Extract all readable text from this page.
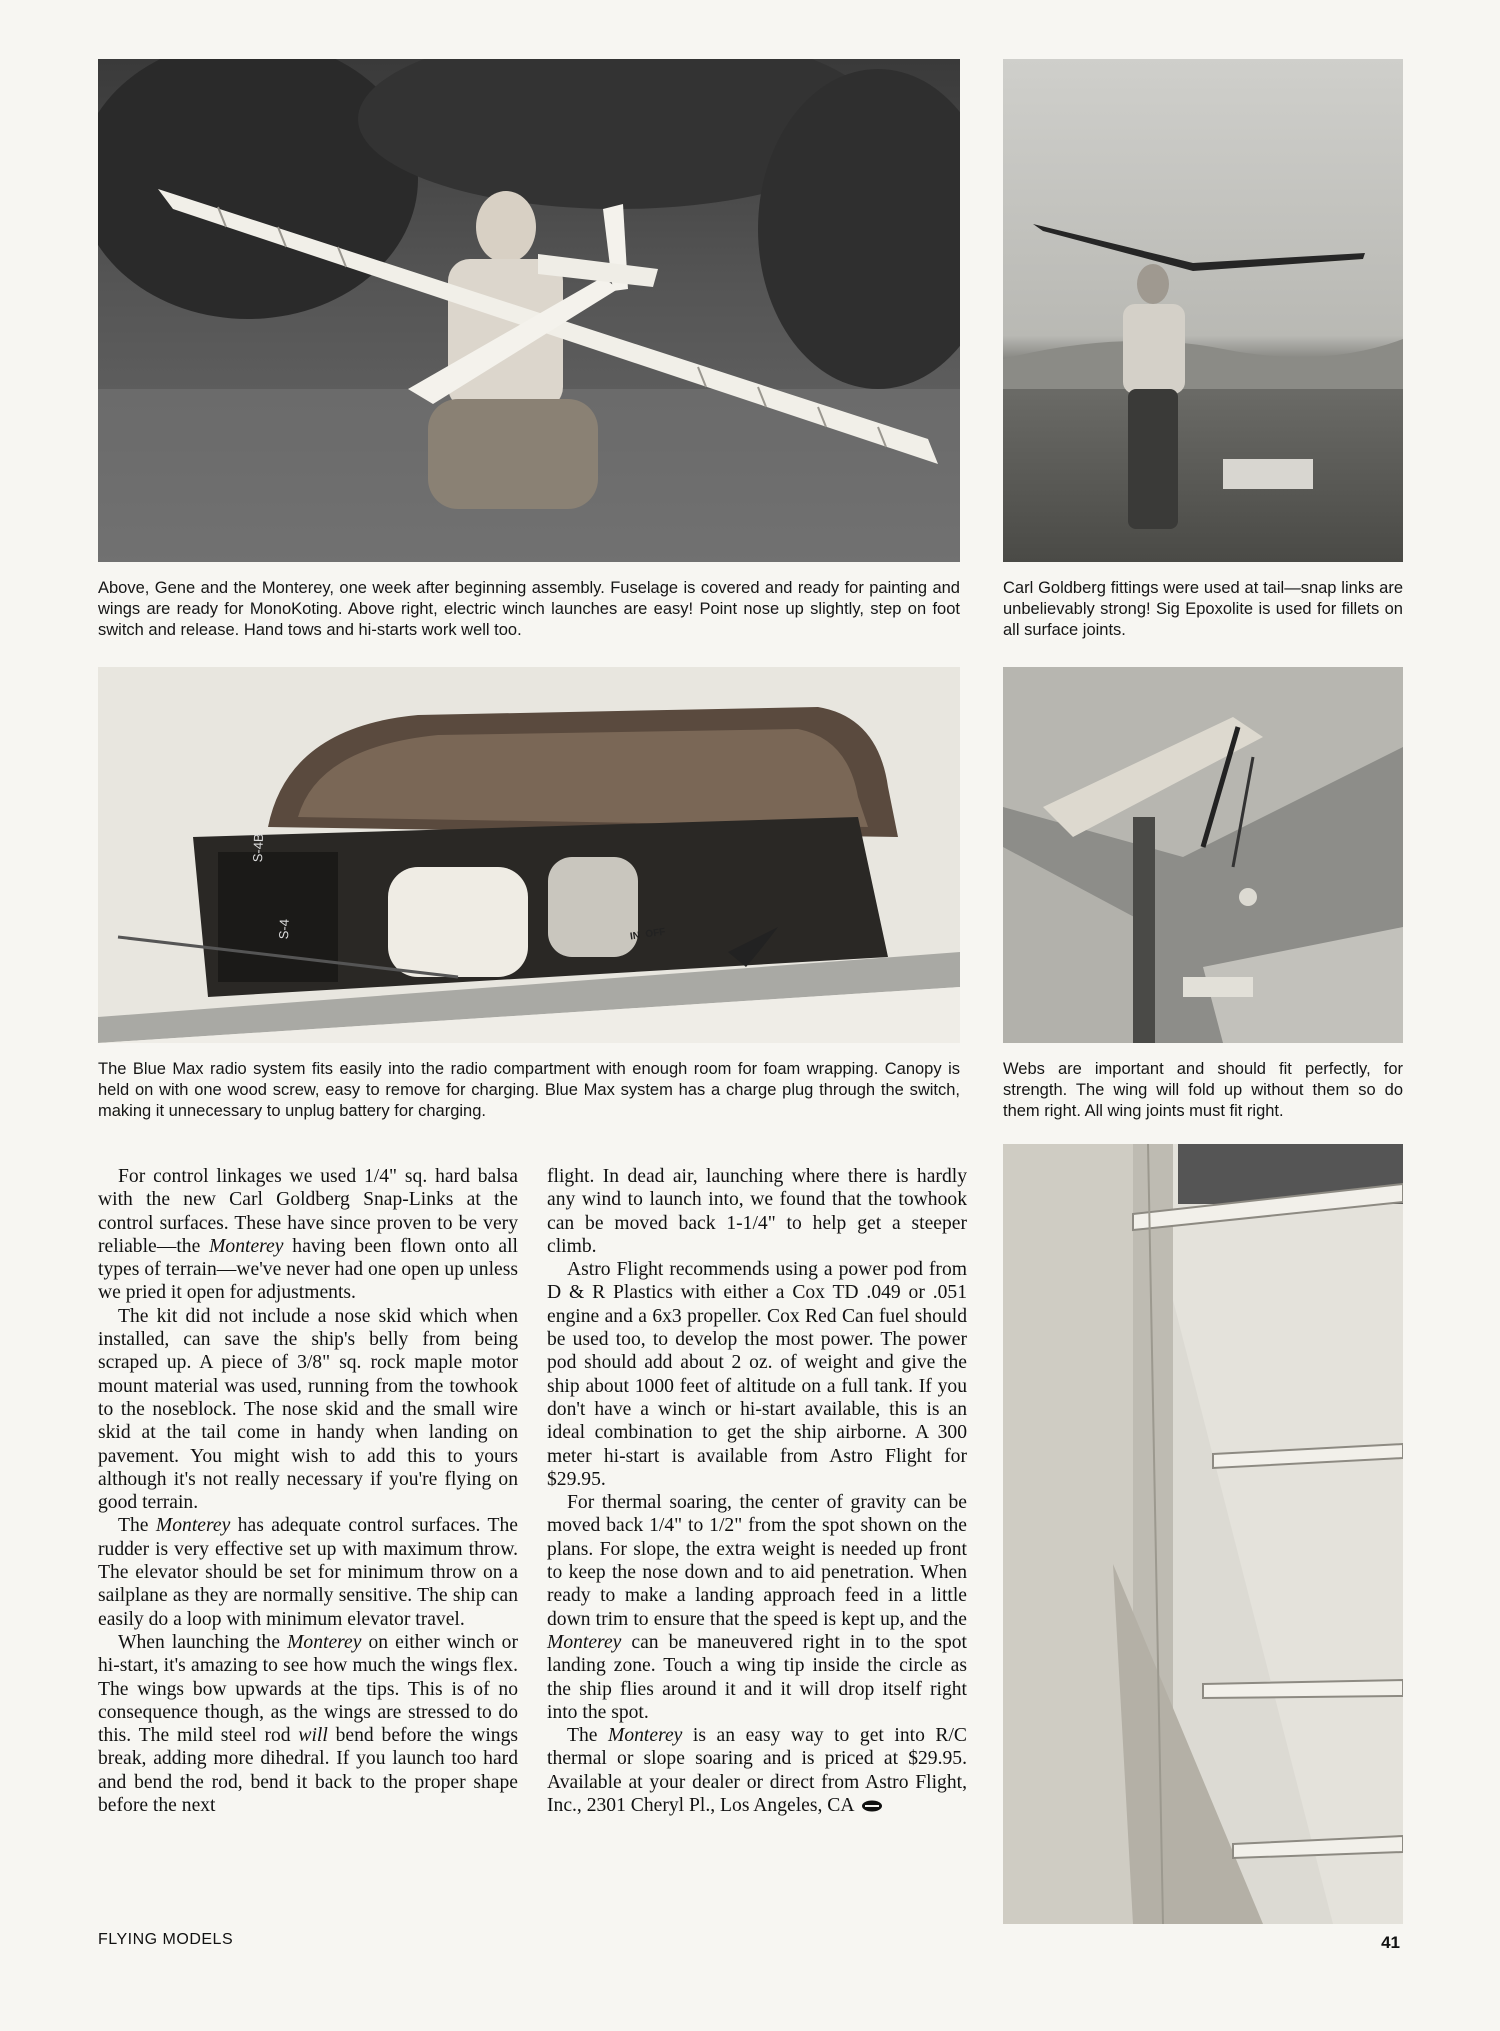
Above, Gene and the Monterey, one week after beginning assembly. Fuselage is covered and ready for painting and wings are ready for MonoKoting. Above right, electric winch launches are easy! Point nose up slightly, step on foot switch and release. Hand tows and hi-starts work well too.

Carl Goldberg fittings were used at tail—snap links are unbelievably strong! Sig Epoxolite is used for fillets on all surface joints.

S-4B
S-4	IN  OFF

The Blue Max radio system fits easily into the radio compartment with enough room for foam wrapping. Canopy is held on with one wood screw, easy to remove for charging. Blue Max system has a charge plug through the switch, making it unnecessary to unplug battery for charging.

Webs are important and should fit perfectly, for strength. The wing will fold up without them so do them right. All wing joints must fit right.

For control linkages we used 1/4" sq. hard balsa with the new Carl Goldberg Snap-Links at the control surfaces. These have since proven to be very reliable—the Monterey having been flown onto all types of terrain—we've never had one open up unless we pried it open for adjustments.

The kit did not include a nose skid which when installed, can save the ship's belly from being scraped up. A piece of 3/8" sq. rock maple motor mount material was used, running from the towhook to the noseblock. The nose skid and the small wire skid at the tail come in handy when landing on pavement. You might wish to add this to yours although it's not really necessary if you're flying on good terrain.

The Monterey has adequate control surfaces. The rudder is very effective set up with maximum throw. The elevator should be set for minimum throw on a sailplane as they are normally sensitive. The ship can easily do a loop with minimum elevator travel.

When launching the Monterey on either winch or hi-start, it's amazing to see how much the wings flex. The wings bow upwards at the tips. This is of no consequence though, as the wings are stressed to do this. The mild steel rod will bend before the wings break, adding more dihedral. If you launch too hard and bend the rod, bend it back to the proper shape before the next

flight. In dead air, launching where there is hardly any wind to launch into, we found that the towhook can be moved back 1-1/4" to help get a steeper climb.

Astro Flight recommends using a power pod from D & R Plastics with either a Cox TD .049 or .051 engine and a 6x3 propeller. Cox Red Can fuel should be used too, to develop the most power. The power pod should add about 2 oz. of weight and give the ship about 1000 feet of altitude on a full tank. If you don't have a winch or hi-start available, this is an ideal combination to get the ship airborne. A 300 meter hi-start is available from Astro Flight for $29.95.

For thermal soaring, the center of gravity can be moved back 1/4" to 1/2" from the spot shown on the plans. For slope, the extra weight is needed up front to keep the nose down and to aid penetration. When ready to make a landing approach feed in a little down trim to ensure that the speed is kept up, and the Monterey can be maneuvered right in to the spot landing zone. Touch a wing tip inside the circle as the ship flies around it and it will drop itself right into the spot.

The Monterey is an easy way to get into R/C thermal or slope soaring and is priced at $29.95. Available at your dealer or direct from Astro Flight, Inc., 2301 Cheryl Pl., Los Angeles, CA

FLYING MODELS	41
